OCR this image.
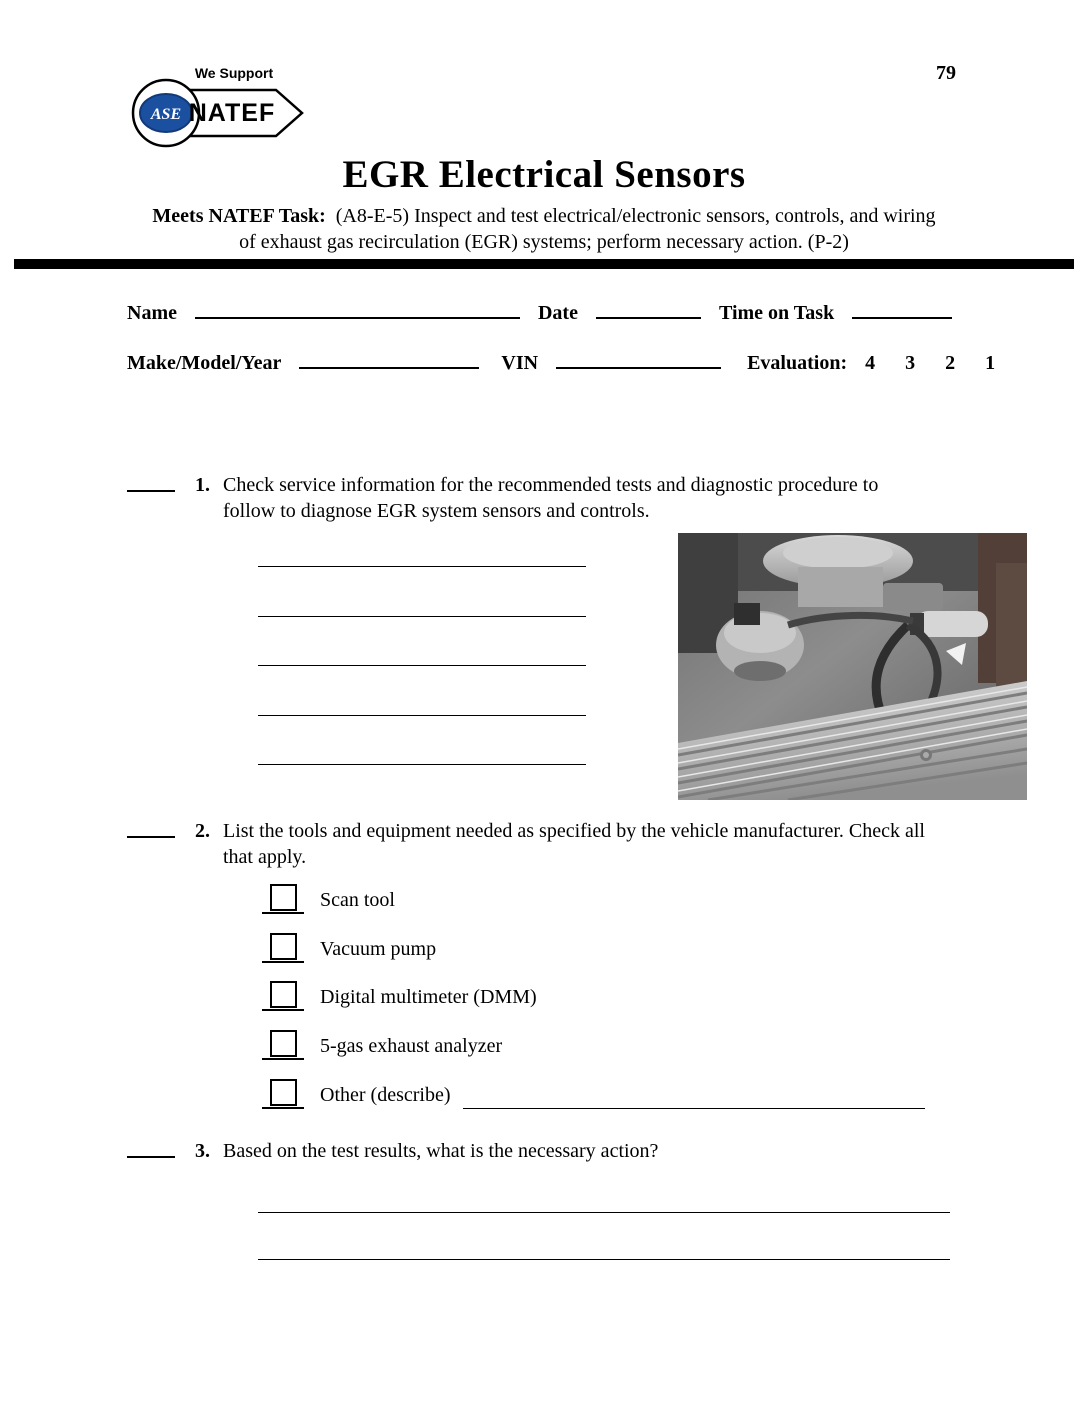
79
ASE
We Support
NATEF
EGR Electrical Sensors
Meets NATEF Task: (A8-E-5) Inspect and test electrical/electronic sensors, controls, and wiring
of exhaust gas recirculation (EGR) systems; perform necessary action. (P-2)
Name	Date	Time on Task
Make/Model/Year	VIN	Evaluation: 4 3 2 1
1. Check service information for the recommended tests and diagnostic procedure to follow to diagnose EGR system sensors and controls.
2. List the tools and equipment needed as specified by the vehicle manufacturer. Check all that apply.
Scan tool
Vacuum pump
Digital multimeter (DMM)
5-gas exhaust analyzer
Other (describe)
3. Based on the test results, what is the necessary action?
